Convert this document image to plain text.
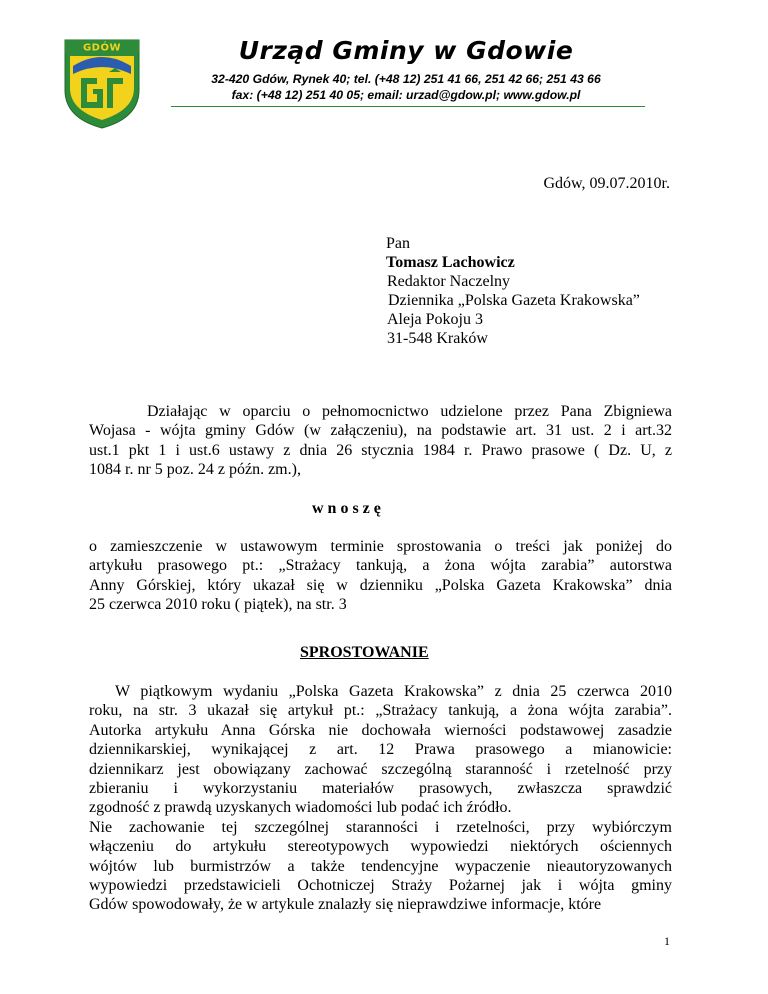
GDÓW	Urząd Gminy w Gdowie
32-420 Gdów, Rynek 40; tel. (+48 12) 251 41 66, 251 42 66; 251 43 66
fax: (+48 12) 251 40 05; email: urzad@gdow.pl; www.gdow.pl
Gdów, 09.07.2010r.
Pan
Tomasz Lachowicz
Redaktor Naczelny
Dziennika „Polska Gazeta Krakowska”
Aleja Pokoju 3
31-548 Kraków
Działając w oparciu o pełnomocnictwo udzielone przez Pana Zbigniewa
Wojasa - wójta gminy Gdów (w załączeniu), na podstawie art. 31 ust. 2 i art.32
ust.1 pkt 1 i ust.6 ustawy z dnia 26 stycznia 1984 r. Prawo prasowe ( Dz. U, z
1084 r. nr 5 poz. 24 z późn. zm.),
wnoszę
o zamieszczenie w ustawowym terminie sprostowania o treści jak poniżej do
artykułu prasowego pt.: „Strażacy tankują, a żona wójta zarabia” autorstwa
Anny Górskiej, który ukazał się w dzienniku „Polska Gazeta Krakowska” dnia
25 czerwca 2010 roku ( piątek), na str. 3
SPROSTOWANIE
W piątkowym wydaniu „Polska Gazeta Krakowska” z dnia 25 czerwca 2010
roku, na str. 3 ukazał się artykuł pt.: „Strażacy tankują, a żona wójta zarabia”.
Autorka artykułu Anna Górska nie dochowała wierności podstawowej zasadzie
dziennikarskiej, wynikającej z art. 12 Prawa prasowego a mianowicie:
dziennikarz jest obowiązany zachować szczególną staranność i rzetelność przy
zbieraniu i wykorzystaniu materiałów prasowych, zwłaszcza sprawdzić
zgodność z prawdą uzyskanych wiadomości lub podać ich źródło.
Nie zachowanie tej szczególnej staranności i rzetelności, przy wybiórczym
włączeniu do artykułu stereotypowych wypowiedzi niektórych ościennych
wójtów lub burmistrzów a także tendencyjne wypaczenie nieautoryzowanych
wypowiedzi przedstawicieli Ochotniczej Straży Pożarnej jak i wójta gminy
Gdów spowodowały, że w artykule znalazły się nieprawdziwe informacje, które
1
